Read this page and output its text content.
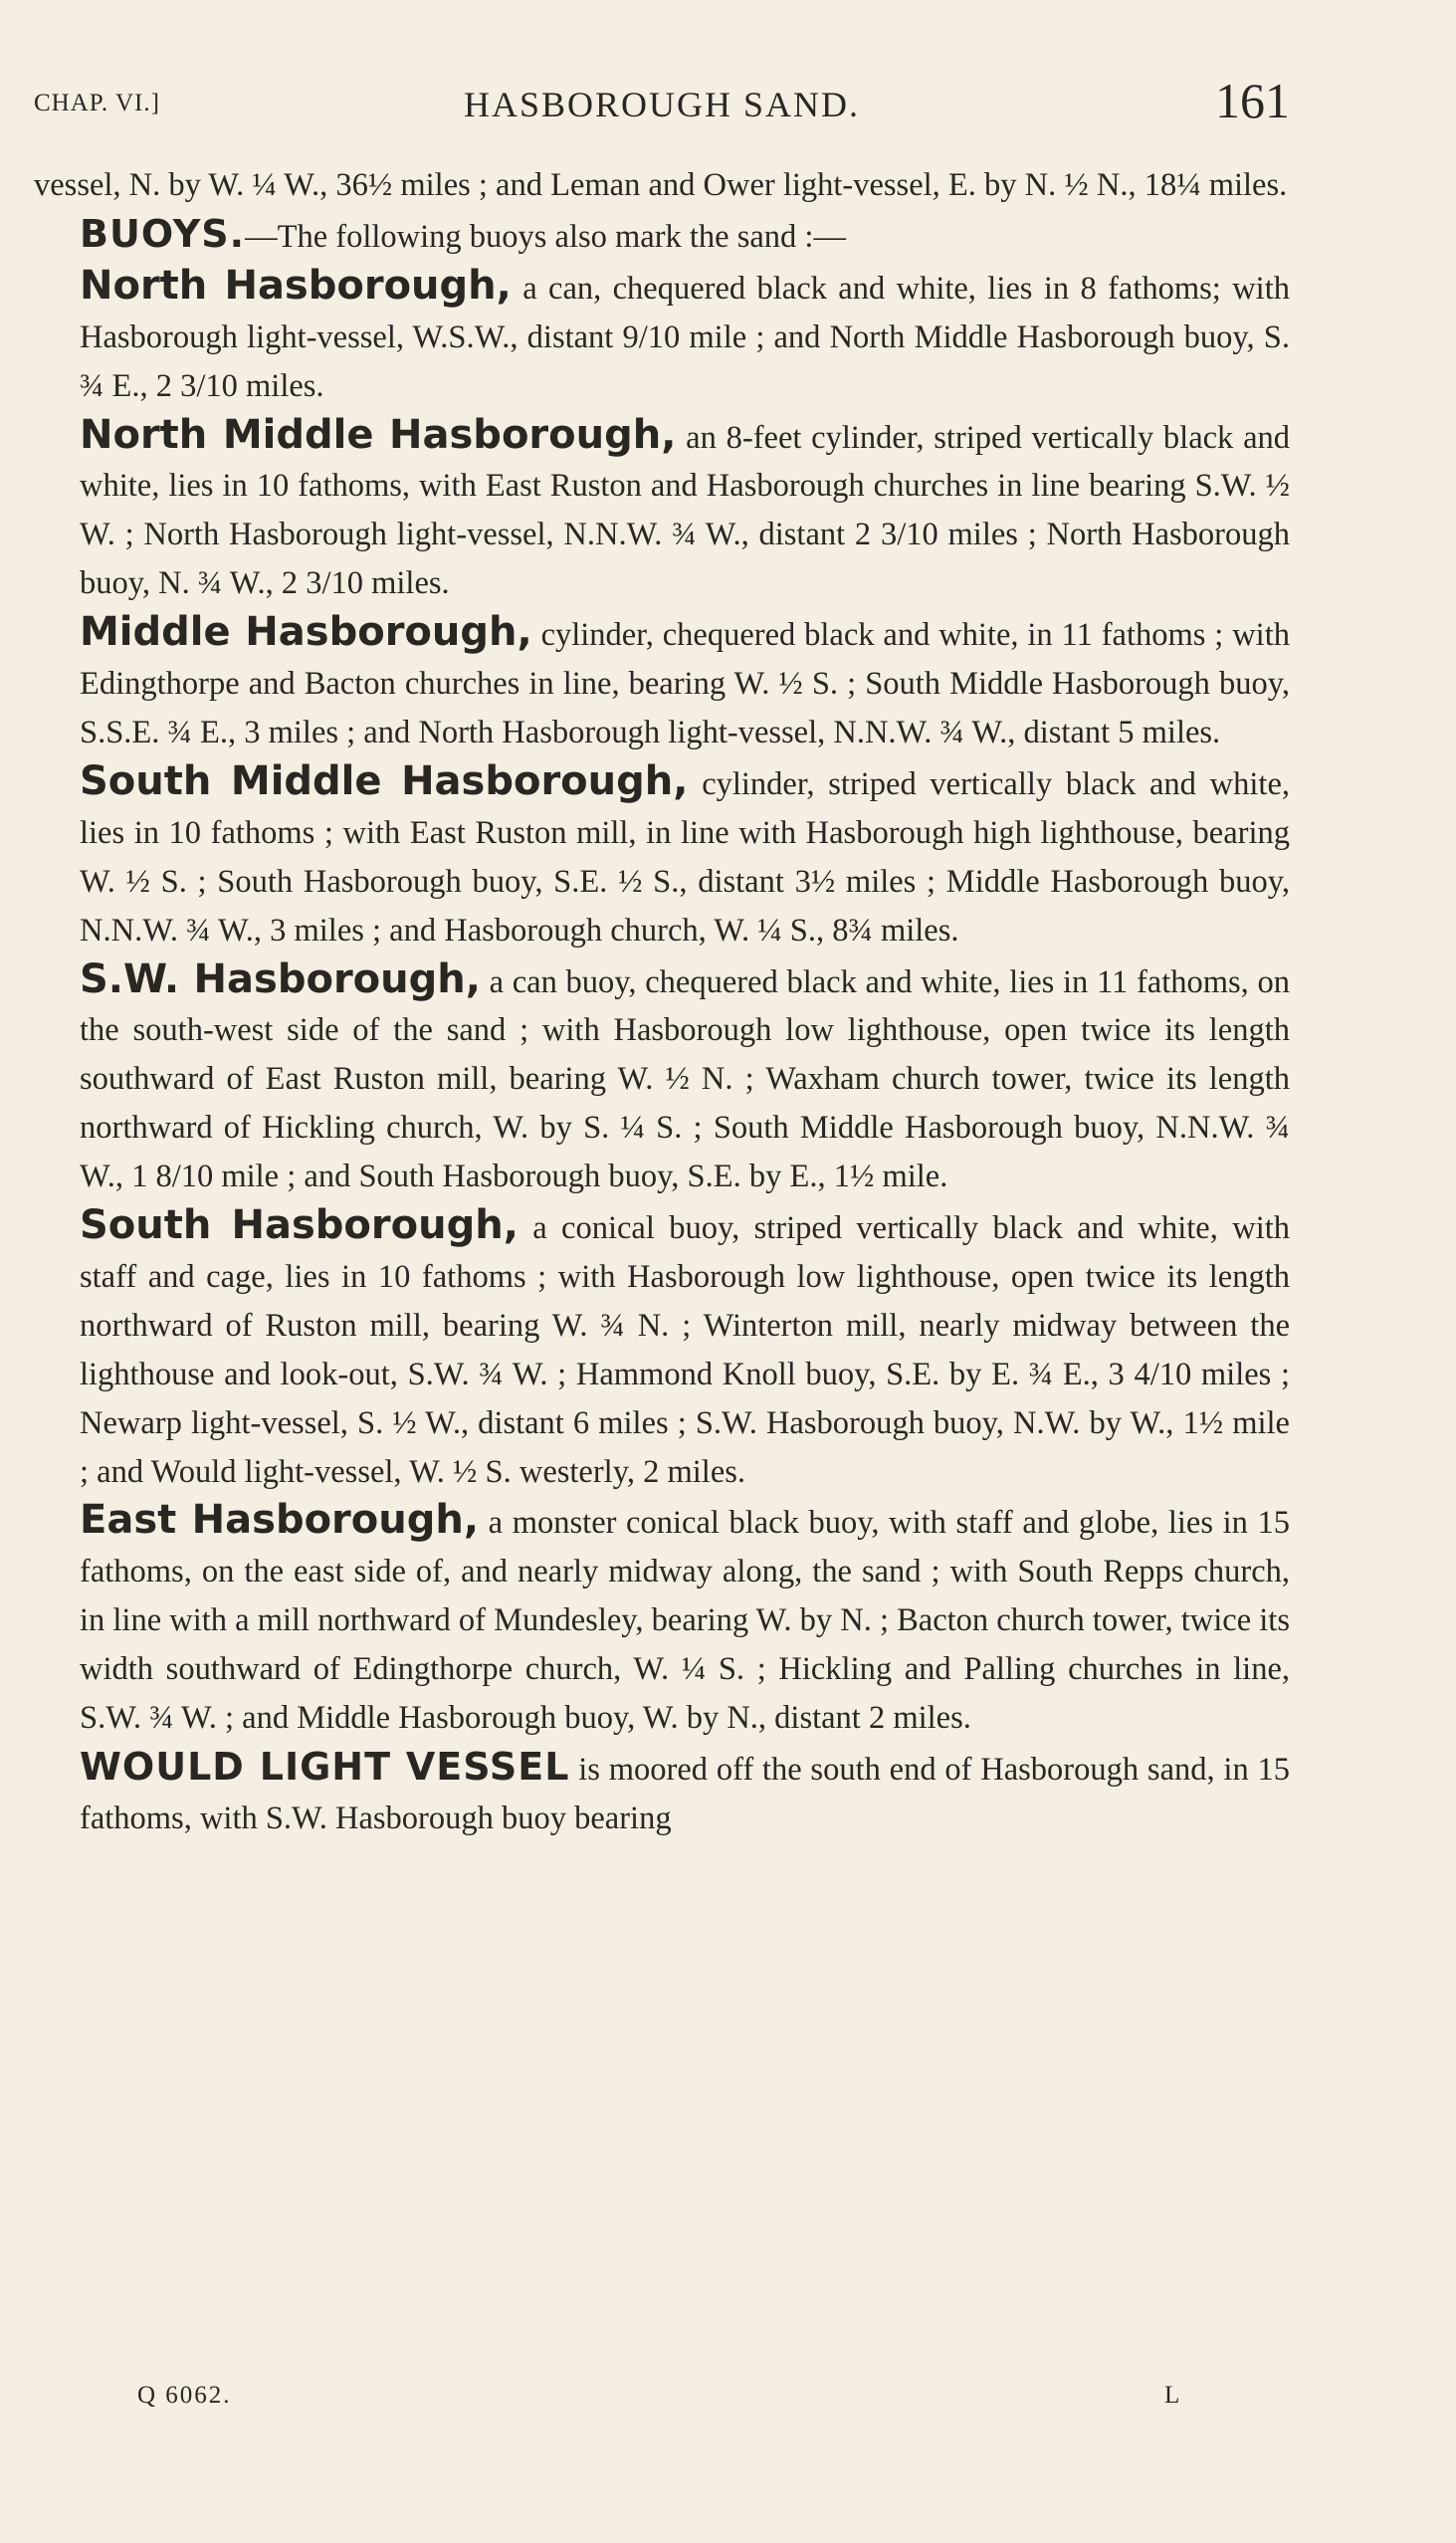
CHAP. VI.]	HASBOROUGH SAND.	161

vessel, N. by W. ¼ W., 36½ miles ; and Leman and Ower light-vessel, E. by N. ½ N., 18¼ miles.

BUOYS.—The following buoys also mark the sand :—

North Hasborough, a can, chequered black and white, lies in 8 fathoms; with Hasborough light-vessel, W.S.W., distant 9/10 mile ; and North Middle Hasborough buoy, S. ¾ E., 2 3/10 miles.

North Middle Hasborough, an 8-feet cylinder, striped vertically black and white, lies in 10 fathoms, with East Ruston and Hasborough churches in line bearing S.W. ½ W. ; North Hasborough light-vessel, N.N.W. ¾ W., distant 2 3/10 miles ; North Hasborough buoy, N. ¾ W., 2 3/10 miles.

Middle Hasborough, cylinder, chequered black and white, in 11 fathoms ; with Edingthorpe and Bacton churches in line, bearing W. ½ S. ; South Middle Hasborough buoy, S.S.E. ¾ E., 3 miles ; and North Hasborough light-vessel, N.N.W. ¾ W., distant 5 miles.

South Middle Hasborough, cylinder, striped vertically black and white, lies in 10 fathoms ; with East Ruston mill, in line with Hasborough high lighthouse, bearing W. ½ S. ; South Hasborough buoy, S.E. ½ S., distant 3½ miles ; Middle Hasborough buoy, N.N.W. ¾ W., 3 miles ; and Hasborough church, W. ¼ S., 8¾ miles.

S.W. Hasborough, a can buoy, chequered black and white, lies in 11 fathoms, on the south-west side of the sand ; with Hasborough low lighthouse, open twice its length southward of East Ruston mill, bearing W. ½ N. ; Waxham church tower, twice its length northward of Hickling church, W. by S. ¼ S. ; South Middle Hasborough buoy, N.N.W. ¾ W., 1 8/10 mile ; and South Hasborough buoy, S.E. by E., 1½ mile.

South Hasborough, a conical buoy, striped vertically black and white, with staff and cage, lies in 10 fathoms ; with Hasborough low lighthouse, open twice its length northward of Ruston mill, bearing W. ¾ N. ; Winterton mill, nearly midway between the lighthouse and look-out, S.W. ¾ W. ; Hammond Knoll buoy, S.E. by E. ¾ E., 3 4/10 miles ; Newarp light-vessel, S. ½ W., distant 6 miles ; S.W. Hasborough buoy, N.W. by W., 1½ mile ; and Would light-vessel, W. ½ S. westerly, 2 miles.

East Hasborough, a monster conical black buoy, with staff and globe, lies in 15 fathoms, on the east side of, and nearly midway along, the sand ; with South Repps church, in line with a mill northward of Mundesley, bearing W. by N. ; Bacton church tower, twice its width southward of Edingthorpe church, W. ¼ S. ; Hickling and Palling churches in line, S.W. ¾ W. ; and Middle Hasborough buoy, W. by N., distant 2 miles.

WOULD LIGHT VESSEL is moored off the south end of Hasborough sand, in 15 fathoms, with S.W. Hasborough buoy bearing

Q 6062.	L
